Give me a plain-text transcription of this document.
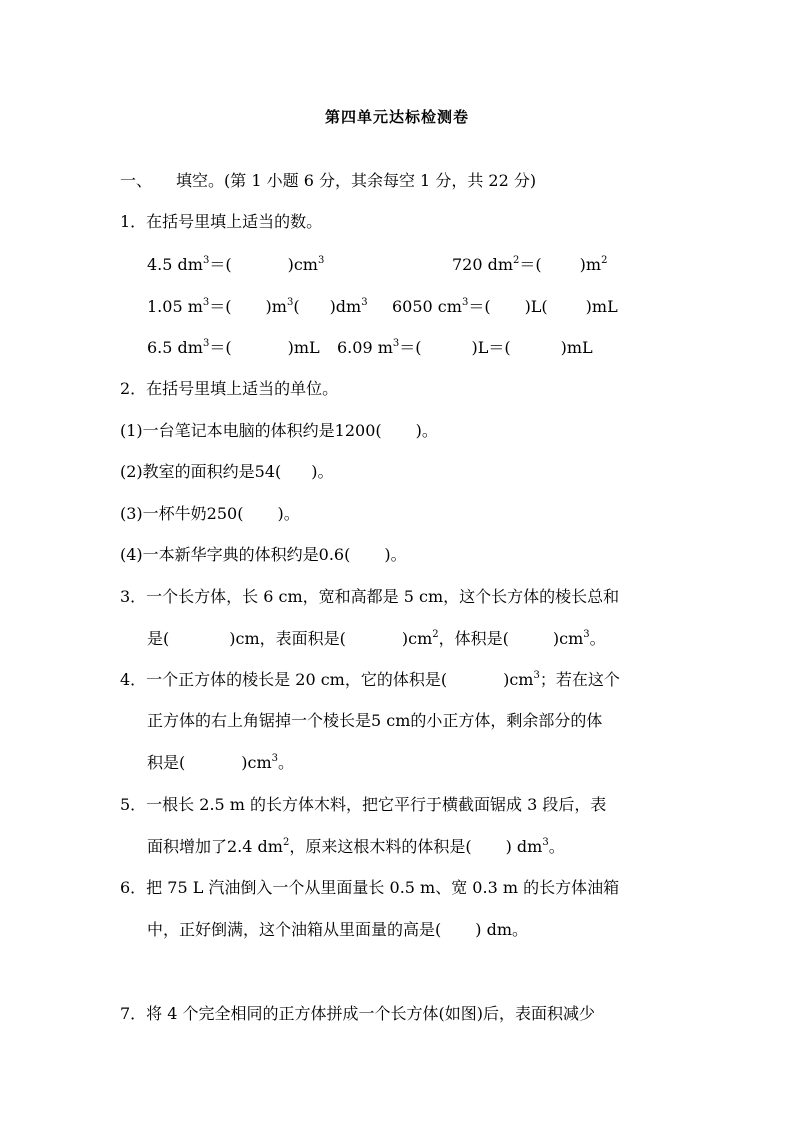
第四单元达标检测卷
一、 填空。(第 1 小题 6 分，其余每空 1 分，共 22 分)
1．在括号里填上适当的数。
4.5 $dm^3=$(	)$cm^3$	720 $dm^2=$( )$m^2$
1.05 $m^3=$( )$m^3$( )$dm^3$ 6050 $cm^3=$( )L( )mL
6.5 $dm^3=$(	)mL 6.09 $m^3=$(	)L＝(	)mL
2．在括号里填上适当的单位。
(1)一台笔记本电脑的体积约是1200( )。
(2)教室的面积约是54( )。
(3)一杯牛奶250( )。
(4)一本新华字典的体积约是0.6( )。
3．一个长方体，长 6 cm，宽和高都是 5 cm，这个长方体的棱长总和
是(	)cm，表面积是(	)$cm^2$，体积是(	)$cm^3$。
4．一个正方体的棱长是 20 cm，它的体积是(	)$cm^3$；若在这个
正方体的右上角锯掉一个棱长是5 cm的小正方体，剩余部分的体
积是(	)$cm^3$。
5．一根长 2.5 m 的长方体木料，把它平行于横截面锯成 3 段后，表
面积增加了2.4 $dm^2$，原来这根木料的体积是( ) $dm^3$。
6．把 75 L 汽油倒入一个从里面量长 0.5 m、宽 0.3 m 的长方体油箱
中，正好倒满，这个油箱从里面量的高是( ) dm。
7．将 4 个完全相同的正方体拼成一个长方体(如图)后，表面积减少
